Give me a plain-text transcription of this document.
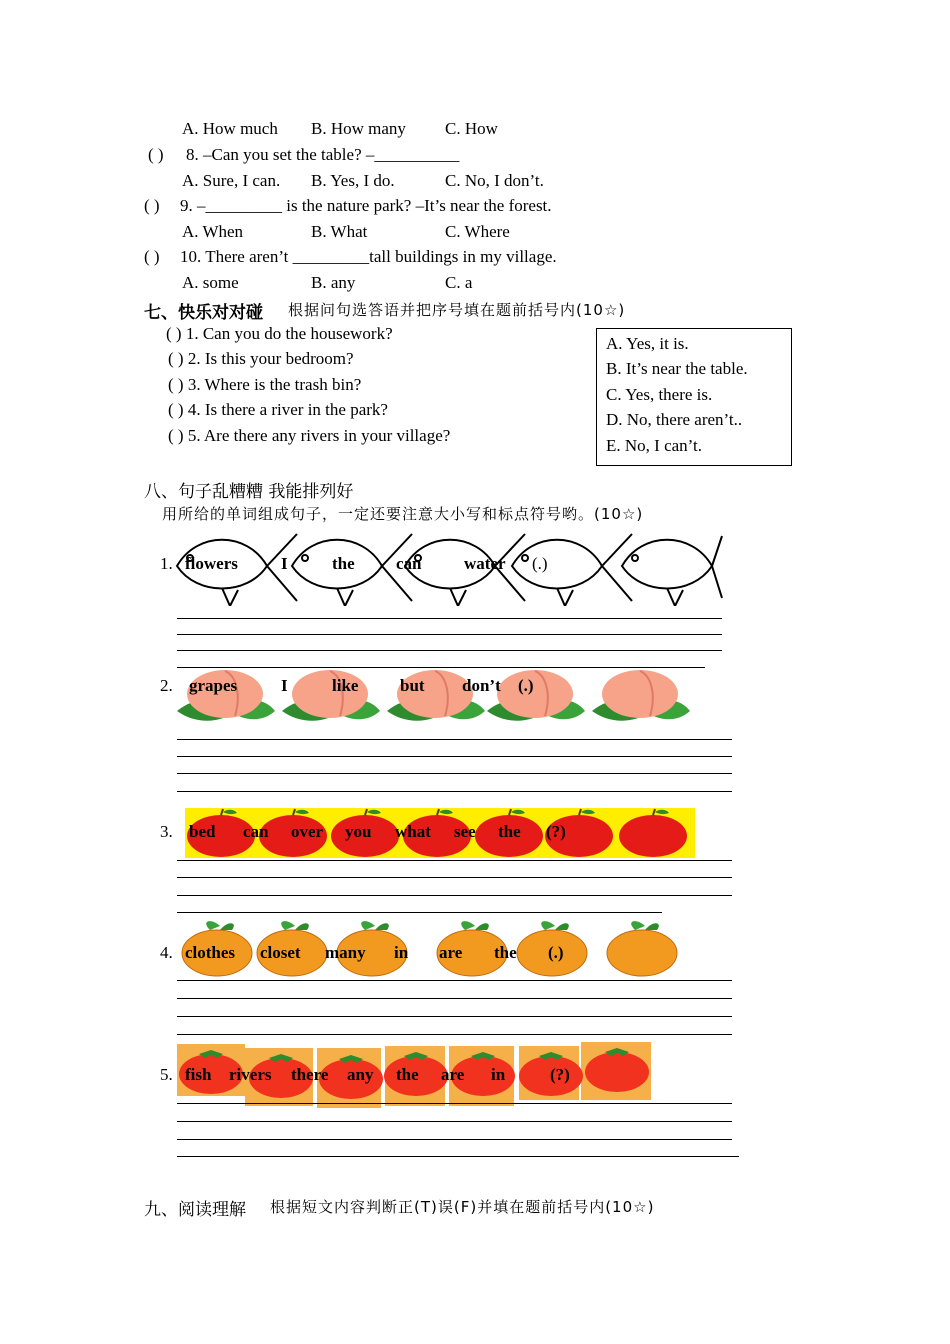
A. How much B. How many C. How
( ) 8. –Can you set the table? –__________
A. Sure, I can. B. Yes, I do.	C. No, I don’t.
( ) 9. –_________ is the nature park? –It’s near the forest.
A. When	B. What	C. Where
( ) 10. There aren’t _________tall buildings in my village.
A. some	B. any	C. a
七、快乐对对碰 根据问句选答语并把序号填在题前括号内(10☆)
( ) 1. Can you do the housework?
( ) 2. Is this your bedroom?
( ) 3. Where is the trash bin?
( ) 4. Is there a river in the park?
( ) 5. Are there any rivers in your village?
A. Yes, it is.
B. It’s near the table.
C. Yes, there is.
D. No, there aren’t..
E. No, I can’t.
八、句子乱糟糟 我能排列好
用所给的单词组成句子，一定还要注意大小写和标点符号哟。(10☆)
1. flowers	I	the can	water (.)
2. grapes	I	like but don’t (.)
3. bed can over you what see the (?)
4. clothes closet many in are the (.)
5. fish rivers there any the are in	(?)
九、阅读理解 根据短文内容判断正(T)误(F)并填在题前括号内(10☆)
